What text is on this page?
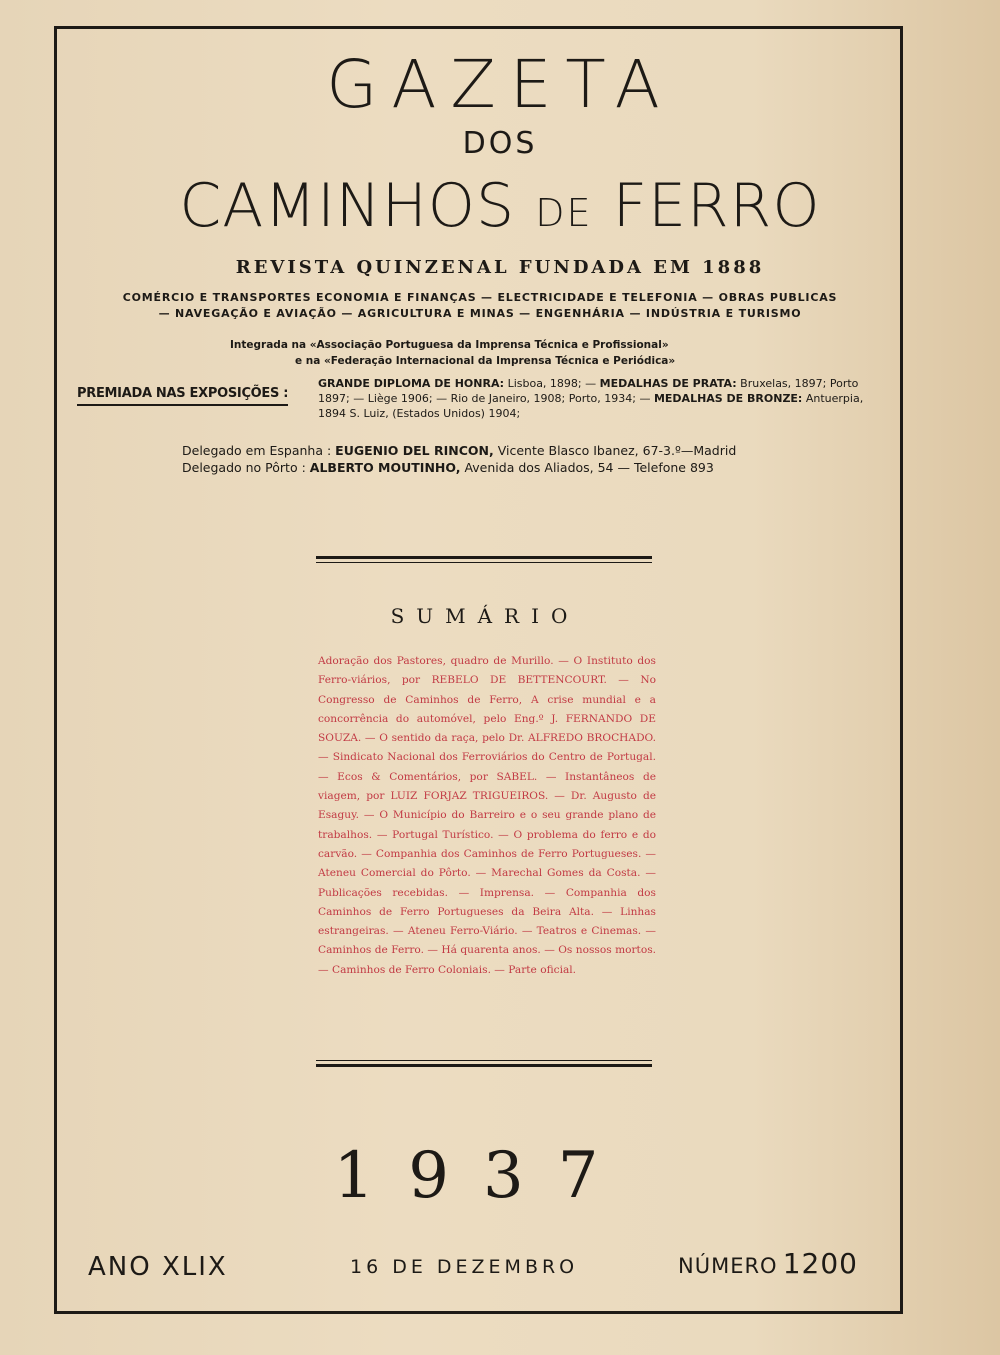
GAZETA
DOS
CAMINHOS DE FERRO
REVISTA QUINZENAL FUNDADA EM 1888
COMÉRCIO E TRANSPORTES ECONOMIA E FINANÇAS — ELECTRICIDADE E TELEFONIA — OBRAS PUBLICAS
— NAVEGAÇÃO E AVIAÇÃO — AGRICULTURA E MINAS — ENGENHÁRIA — INDÚSTRIA E TURISMO
Integrada na «Associação Portuguesa da Imprensa Técnica e Profissional»
e na «Federação Internacional da Imprensa Técnica e Periódica»
PREMIADA NAS EXPOSIÇÕES :
GRANDE DIPLOMA DE HONRA: Lisboa, 1898; — MEDALHAS DE PRATA: Bruxelas, 1897; Porto 1897; — Liège 1906; — Rio de Janeiro, 1908; Porto, 1934; — MEDALHAS DE BRONZE: Antuerpia, 1894 S. Luiz, (Estados Unidos) 1904;
Delegado em Espanha : EUGENIO DEL RINCON, Vicente Blasco Ibanez, 67-3.º—Madrid
Delegado no Pôrto : ALBERTO MOUTINHO, Avenida dos Aliados, 54 — Telefone 893
SUMÁRIO
Adoração dos Pastores, quadro de Murillo. — O Instituto dos Ferro-viários, por REBELO DE BETTENCOURT. — No Congresso de Caminhos de Ferro, A crise mundial e a concorrência do automóvel, pelo Eng.º J. FERNANDO DE SOUZA. — O sentido da raça, pelo Dr. ALFREDO BROCHADO. — Sindicato Nacional dos Ferroviários do Centro de Portugal. — Ecos & Comentários, por SABEL. — Instantâneos de viagem, por LUIZ FORJAZ TRIGUEIROS. — Dr. Augusto de Esaguy. — O Município do Barreiro e o seu grande plano de trabalhos. — Portugal Turístico. — O problema do ferro e do carvão. — Companhia dos Caminhos de Ferro Portugueses. — Ateneu Comercial do Pôrto. — Marechal Gomes da Costa. — Publicações recebidas. — Imprensa. — Companhia dos Caminhos de Ferro Portugueses da Beira Alta. — Linhas estrangeiras. — Ateneu Ferro-Viário. — Teatros e Cinemas. — Caminhos de Ferro. — Há quarenta anos. — Os nossos mortos. — Caminhos de Ferro Coloniais. — Parte oficial.
1937
ANO XLIX	16 DE DEZEMBRO	NÚMERO 1200
